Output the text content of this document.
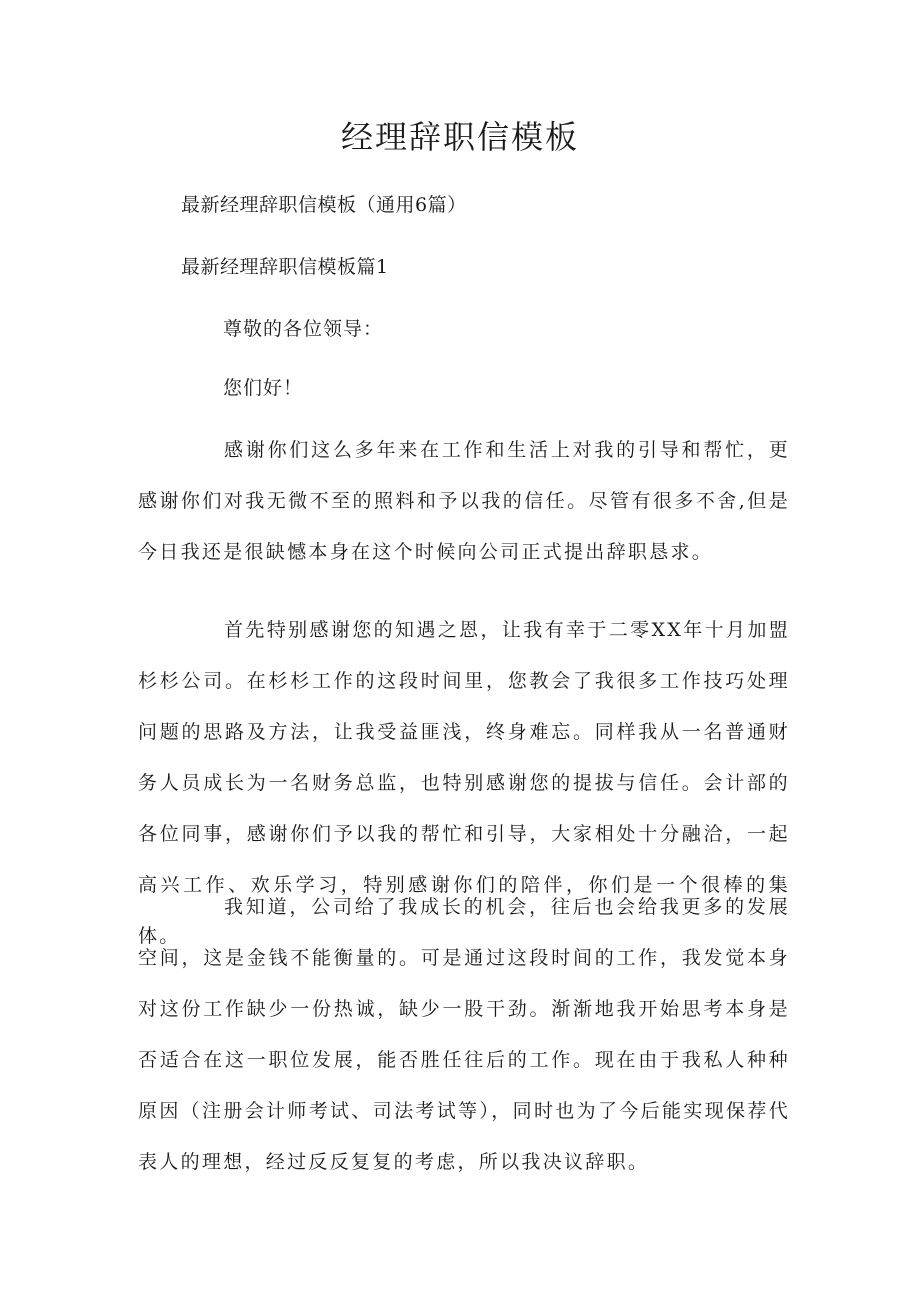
经理辞职信模板

最新经理辞职信模板（通用6篇）

最新经理辞职信模板篇1

尊敬的各位领导：

您们好！

感谢你们这么多年来在工作和生活上对我的引导和帮忙，更感谢你们对我无微不至的照料和予以我的信任。尽管有很多不舍,但是今日我还是很缺憾本身在这个时候向公司正式提出辞职恳求。

首先特别感谢您的知遇之恩，让我有幸于二零XX年十月加盟杉杉公司。在杉杉工作的这段时间里，您教会了我很多工作技巧处理问题的思路及方法，让我受益匪浅，终身难忘。同样我从一名普通财务人员成长为一名财务总监，也特别感谢您的提拔与信任。会计部的各位同事，感谢你们予以我的帮忙和引导，大家相处十分融洽，一起高兴工作、欢乐学习，特别感谢你们的陪伴，你们是一个很棒的集体。

我知道，公司给了我成长的机会，往后也会给我更多的发展空间，这是金钱不能衡量的。可是通过这段时间的工作，我发觉本身对这份工作缺少一份热诚，缺少一股干劲。渐渐地我开始思考本身是否适合在这一职位发展，能否胜任往后的工作。现在由于我私人种种原因（注册会计师考试、司法考试等），同时也为了今后能实现保荐代表人的理想，经过反反复复的考虑，所以我决议辞职。
